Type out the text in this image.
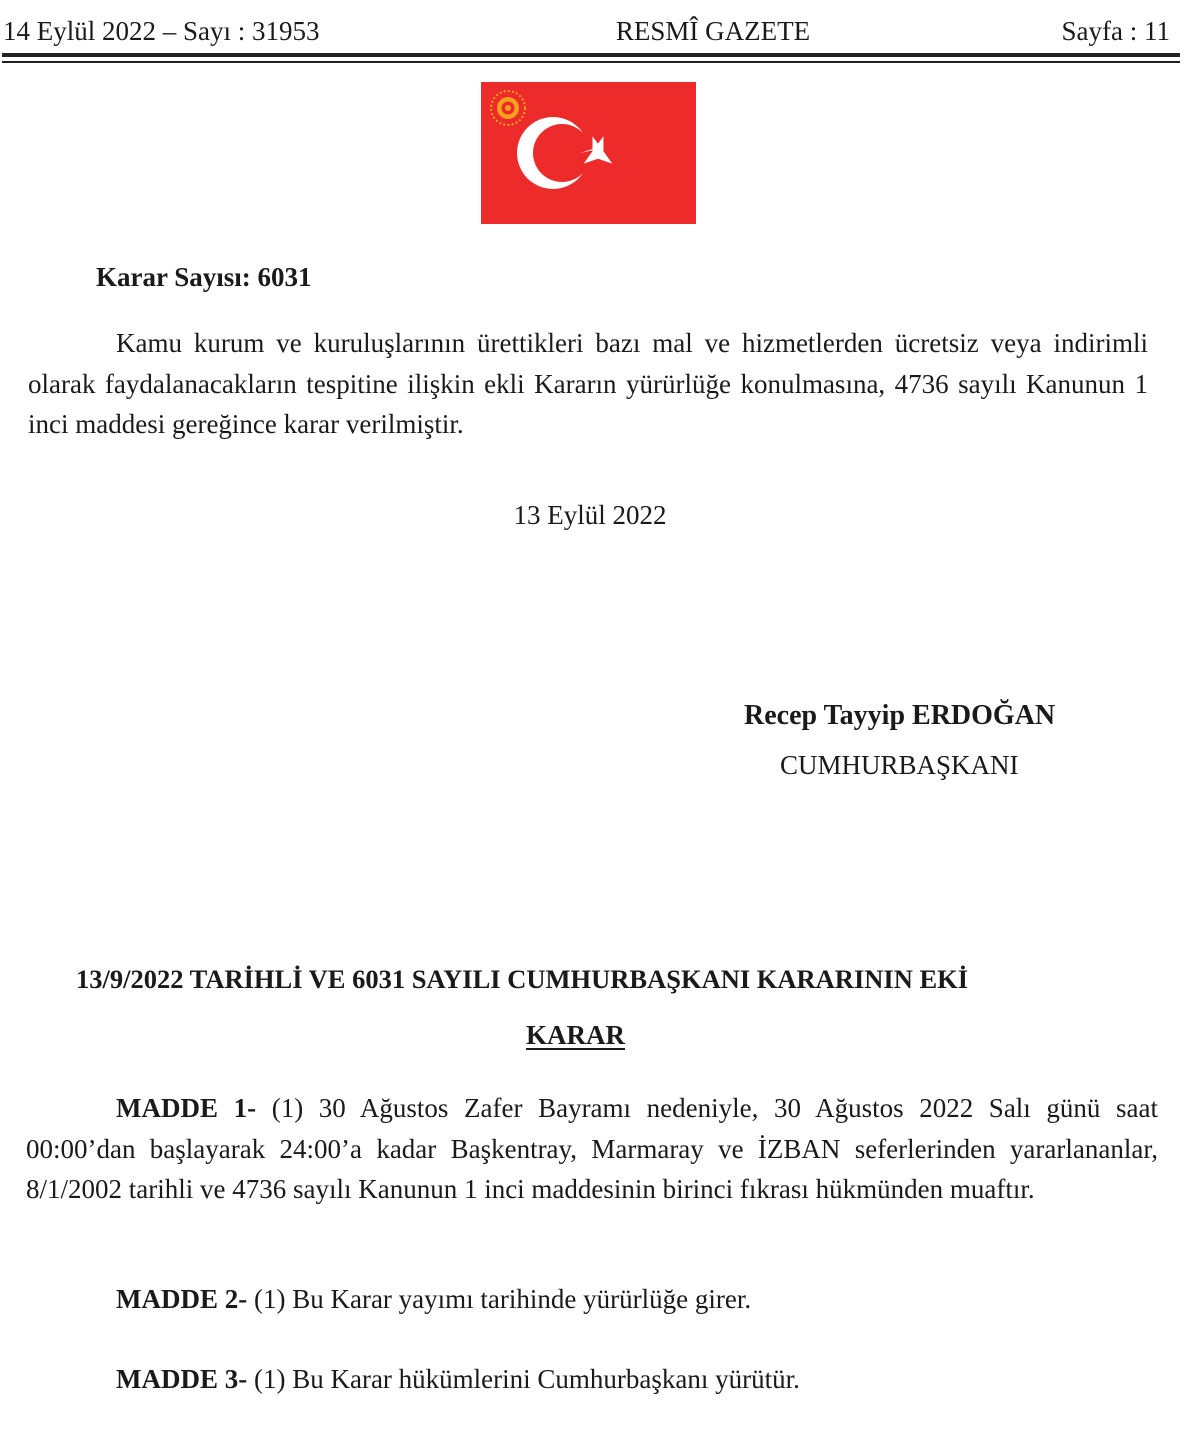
14 Eylül 2022 – Sayı : 31953	RESMÎ GAZETE	Sayfa : 11
Karar Sayısı: 6031
Kamu kurum ve kuruluşlarının ürettikleri bazı mal ve hizmetlerden ücretsiz veya indirimli olarak faydalanacakların tespitine ilişkin ekli Kararın yürürlüğe konulmasına, 4736 sayılı Kanunun 1 inci maddesi gereğince karar verilmiştir.
13 Eylül 2022
Recep Tayyip ERDOĞAN
CUMHURBAŞKANI
13/9/2022 TARİHLİ VE 6031 SAYILI CUMHURBAŞKANI KARARININ EKİ
KARAR
MADDE 1- (1) 30 Ağustos Zafer Bayramı nedeniyle, 30 Ağustos 2022 Salı günü saat 00:00’dan başlayarak 24:00’a kadar Başkentray, Marmaray ve İZBAN seferlerinden yararlananlar, 8/1/2002 tarihli ve 4736 sayılı Kanunun 1 inci maddesinin birinci fıkrası hükmünden muaftır.
MADDE 2- (1) Bu Karar yayımı tarihinde yürürlüğe girer.
MADDE 3- (1) Bu Karar hükümlerini Cumhurbaşkanı yürütür.
